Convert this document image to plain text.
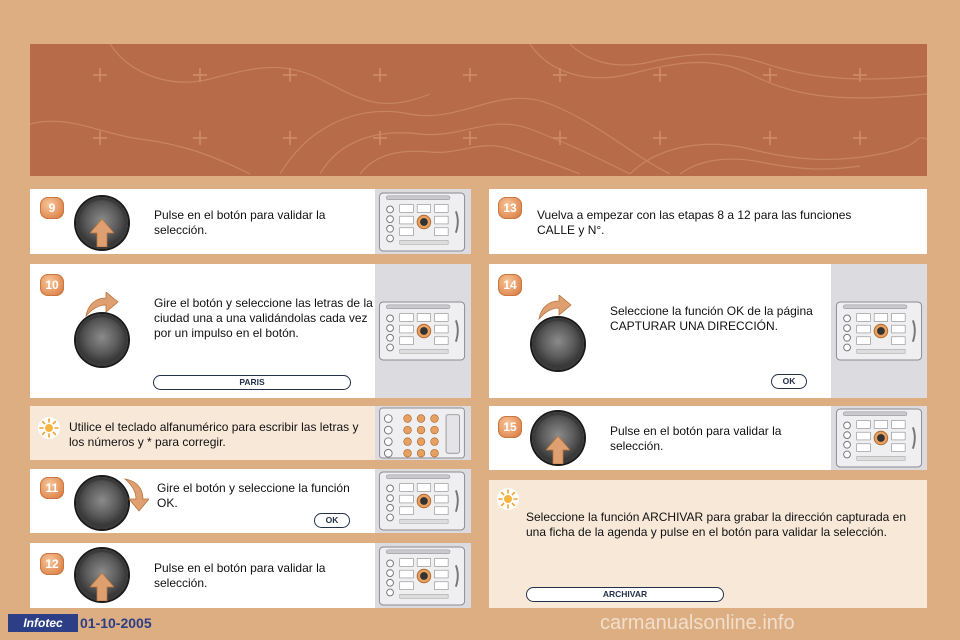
9	Pulse en el botón para validar la selección.
10
Gire el botón y seleccione las letras de la ciudad una a una validándolas cada vez por un impulso en el botón.
PARIS
Utilice el teclado alfanumérico para escribir las letras y los números y * para corregir.
11	Gire el botón y seleccione la función OK.
OK
12	Pulse en el botón para validar la selección.
13	Vuelva a empezar con las etapas 8 a 12 para las funciones CALLE y N°.
14
Seleccione la función OK de la página CAPTURAR UNA DIRECCIÓN.
OK
15	Pulse en el botón para validar la selección.
Seleccione la función ARCHIVAR para grabar la dirección capturada en una ficha de la agenda y pulse en el botón para validar la selección.
ARCHIVAR
Infotec	01-10-2005	carmanualsonline.info
